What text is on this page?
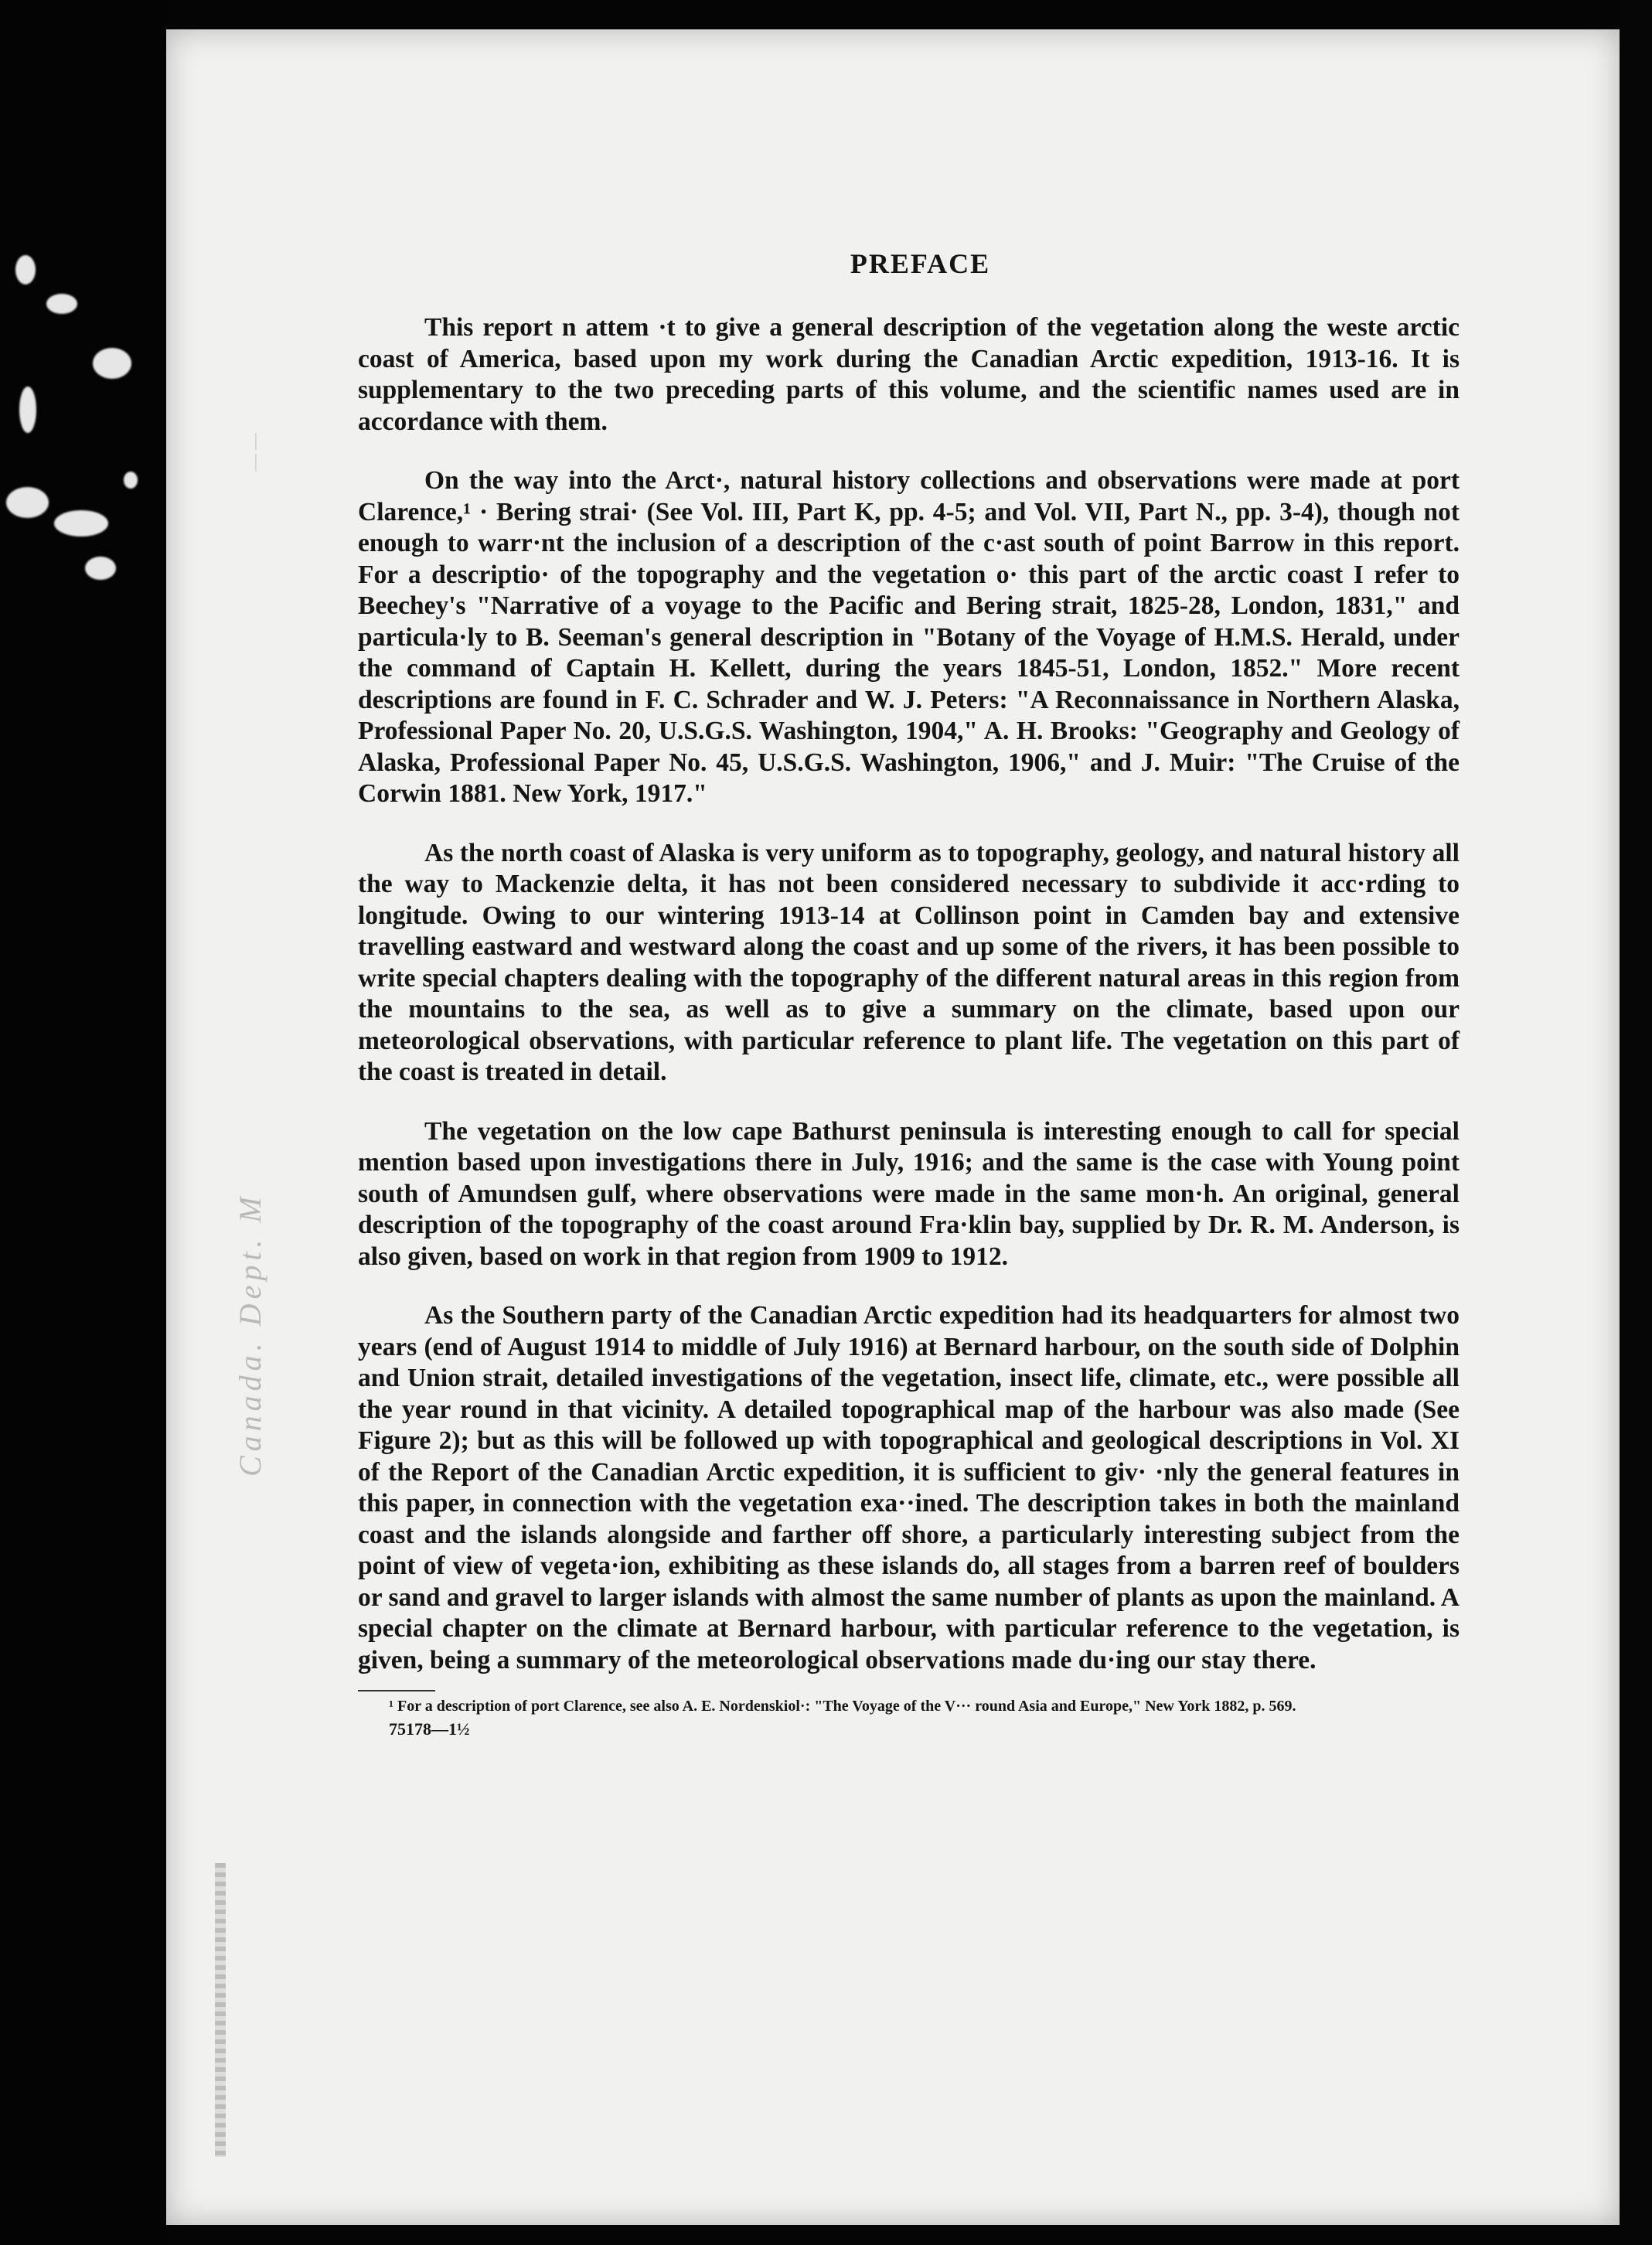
— —
Canada. Dept. M
PREFACE

This report n attem ·t to give a general description of the vegetation along the weste arctic coast of America, based upon my work during the Canadian Arctic expedition, 1913-16. It is supplementary to the two preceding parts of this volume, and the scientific names used are in accordance with them.

On the way into the Arct·, natural history collections and observations were made at port Clarence,¹ · Bering strai· (See Vol. III, Part K, pp. 4-5; and Vol. VII, Part N., pp. 3-4), though not enough to warr·nt the inclusion of a description of the c·ast south of point Barrow in this report. For a descriptio· of the topography and the vegetation o· this part of the arctic coast I refer to Beechey's "Narrative of a voyage to the Pacific and Bering strait, 1825-28, London, 1831," and particula·ly to B. Seeman's general description in "Botany of the Voyage of H.M.S. Herald, under the command of Captain H. Kellett, during the years 1845-51, London, 1852." More recent descriptions are found in F. C. Schrader and W. J. Peters: "A Reconnaissance in Northern Alaska, Professional Paper No. 20, U.S.G.S. Washington, 1904," A. H. Brooks: "Geography and Geology of Alaska, Professional Paper No. 45, U.S.G.S. Washington, 1906," and J. Muir: "The Cruise of the Corwin 1881. New York, 1917."

As the north coast of Alaska is very uniform as to topography, geology, and natural history all the way to Mackenzie delta, it has not been considered necessary to subdivide it acc·rding to longitude. Owing to our wintering 1913-14 at Collinson point in Camden bay and extensive travelling eastward and westward along the coast and up some of the rivers, it has been possible to write special chapters dealing with the topography of the different natural areas in this region from the mountains to the sea, as well as to give a summary on the climate, based upon our meteorological observations, with particular reference to plant life. The vegetation on this part of the coast is treated in detail.

The vegetation on the low cape Bathurst peninsula is interesting enough to call for special mention based upon investigations there in July, 1916; and the same is the case with Young point south of Amundsen gulf, where observations were made in the same mon·h. An original, general description of the topography of the coast around Fra·klin bay, supplied by Dr. R. M. Anderson, is also given, based on work in that region from 1909 to 1912.

As the Southern party of the Canadian Arctic expedition had its headquarters for almost two years (end of August 1914 to middle of July 1916) at Bernard harbour, on the south side of Dolphin and Union strait, detailed investigations of the vegetation, insect life, climate, etc., were possible all the year round in that vicinity. A detailed topographical map of the harbour was also made (See Figure 2); but as this will be followed up with topographical and geological descriptions in Vol. XI of the Report of the Canadian Arctic expedition, it is sufficient to giv· ·nly the general features in this paper, in connection with the vegetation exa··ined. The description takes in both the mainland coast and the islands alongside and farther off shore, a particularly interesting subject from the point of view of vegeta·ion, exhibiting as these islands do, all stages from a barren reef of boulders or sand and gravel to larger islands with almost the same number of plants as upon the mainland. A special chapter on the climate at Bernard harbour, with particular reference to the vegetation, is given, being a summary of the meteorological observations made du·ing our stay there.

¹ For a description of port Clarence, see also A. E. Nordenskiol·: "The Voyage of the V··· round Asia and Europe," New York 1882, p. 569.

75178—1½
